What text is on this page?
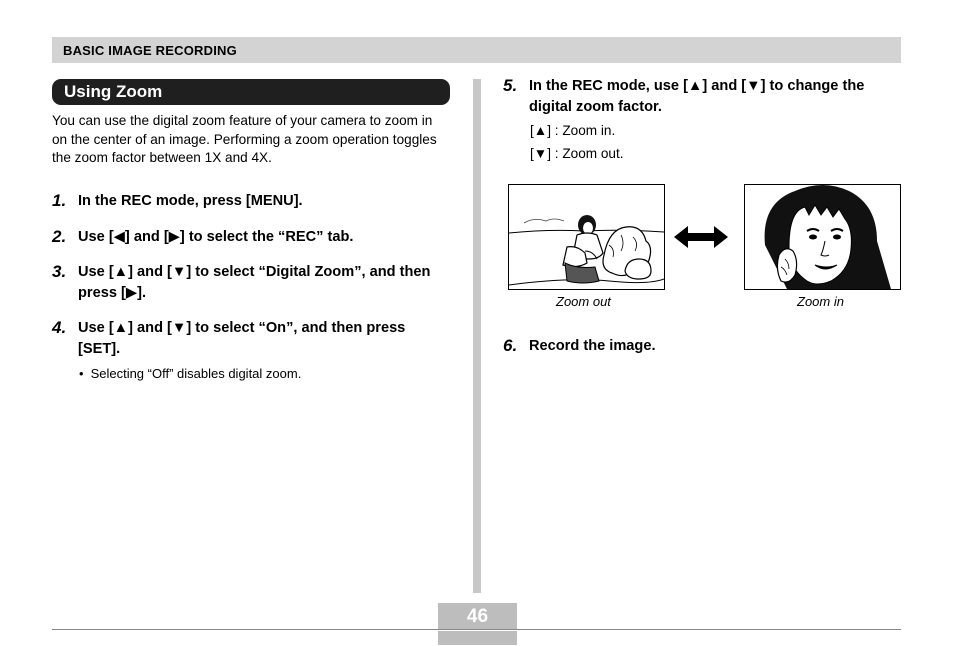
BASIC IMAGE RECORDING
Using Zoom
You can use the digital zoom feature of your camera to zoom in on the center of an image. Performing a zoom operation toggles the zoom factor between 1X and 4X.
1. In the REC mode, press [MENU].
2. Use [◀] and [▶] to select the “REC” tab.
3. Use [▲] and [▼] to select “Digital Zoom”, and then press [▶].
4. Use [▲] and [▼] to select “On”, and then press [SET].
• Selecting “Off” disables digital zoom.
5. In the REC mode, use [▲] and [▼] to change the digital zoom factor.
[▲] : Zoom in.
[▼] : Zoom out.
Zoom out	Zoom in
6. Record the image.
46
